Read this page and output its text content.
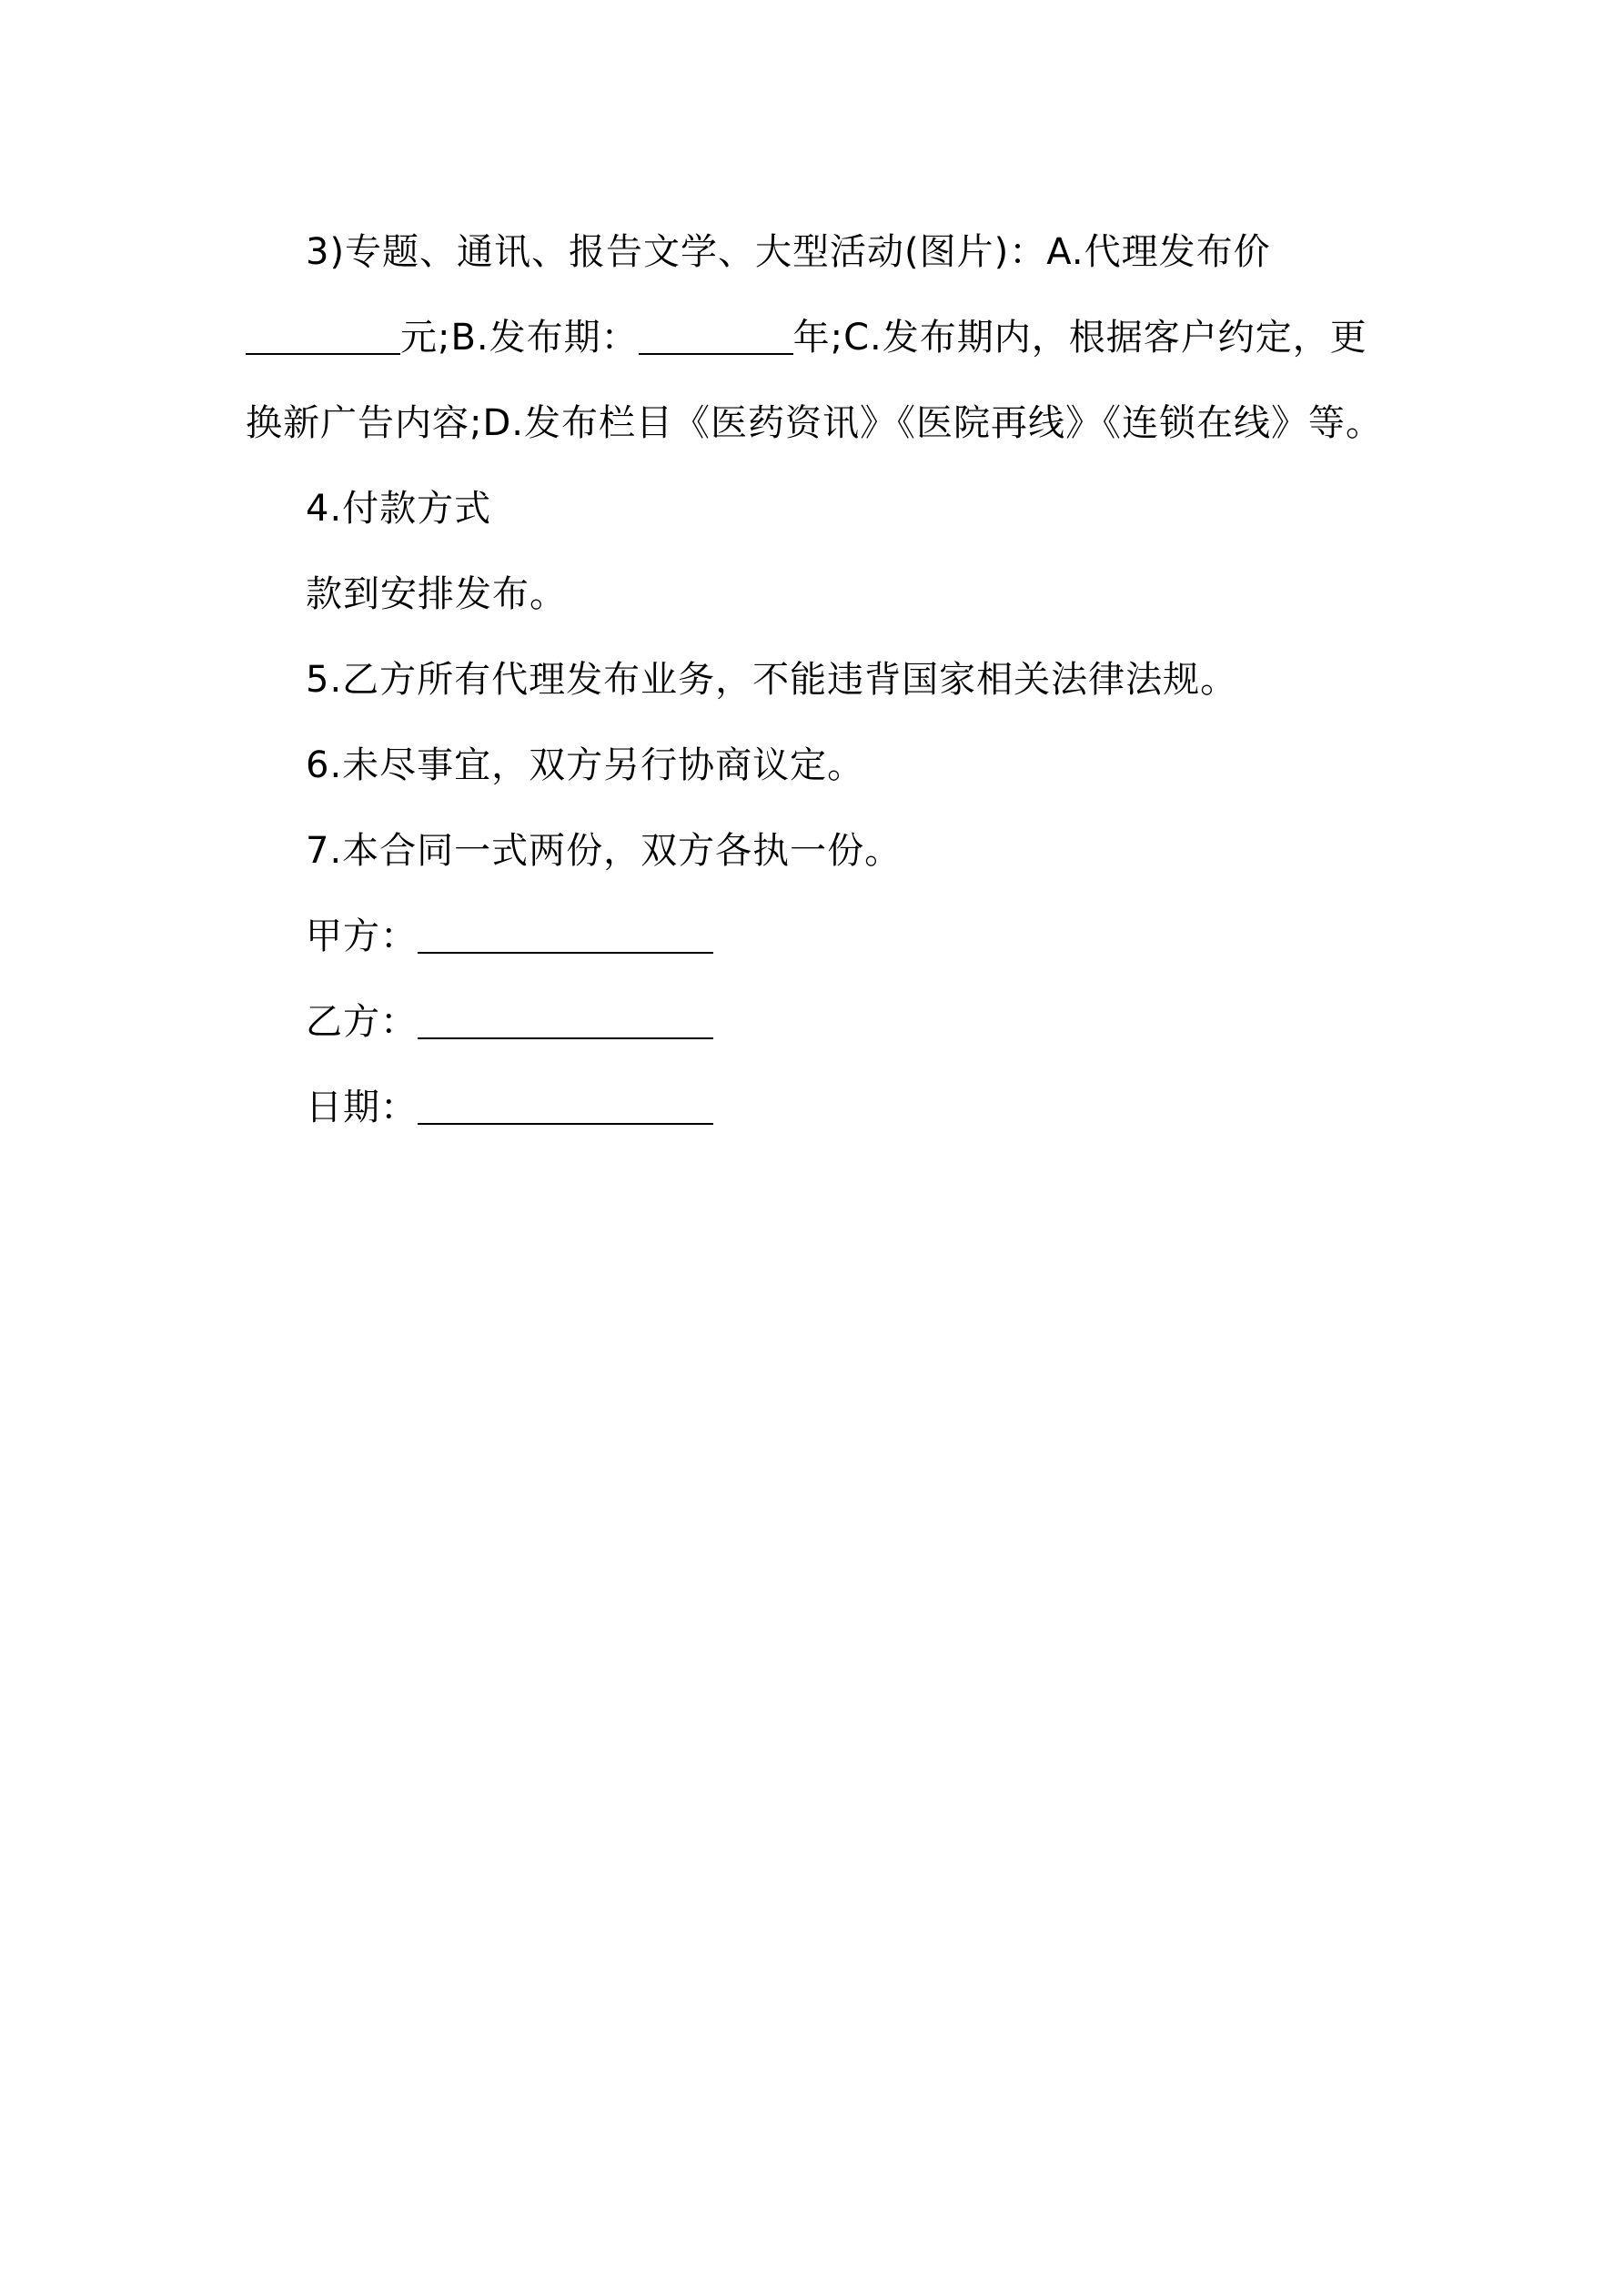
3)专题、通讯、报告文学、大型活动(图片)：A.代理发布价
元;B.发布期：	年;C.发布期内，根据客户约定，更换新广告内容;D.发布栏目《医药资讯》《医院再线》《连锁在线》等。

4.付款方式

款到安排发布。

5.乙方所有代理发布业务，不能违背国家相关法律法规。

6.未尽事宜，双方另行协商议定。

7.本合同一式两份，双方各执一份。

甲方：

乙方：

日期：
